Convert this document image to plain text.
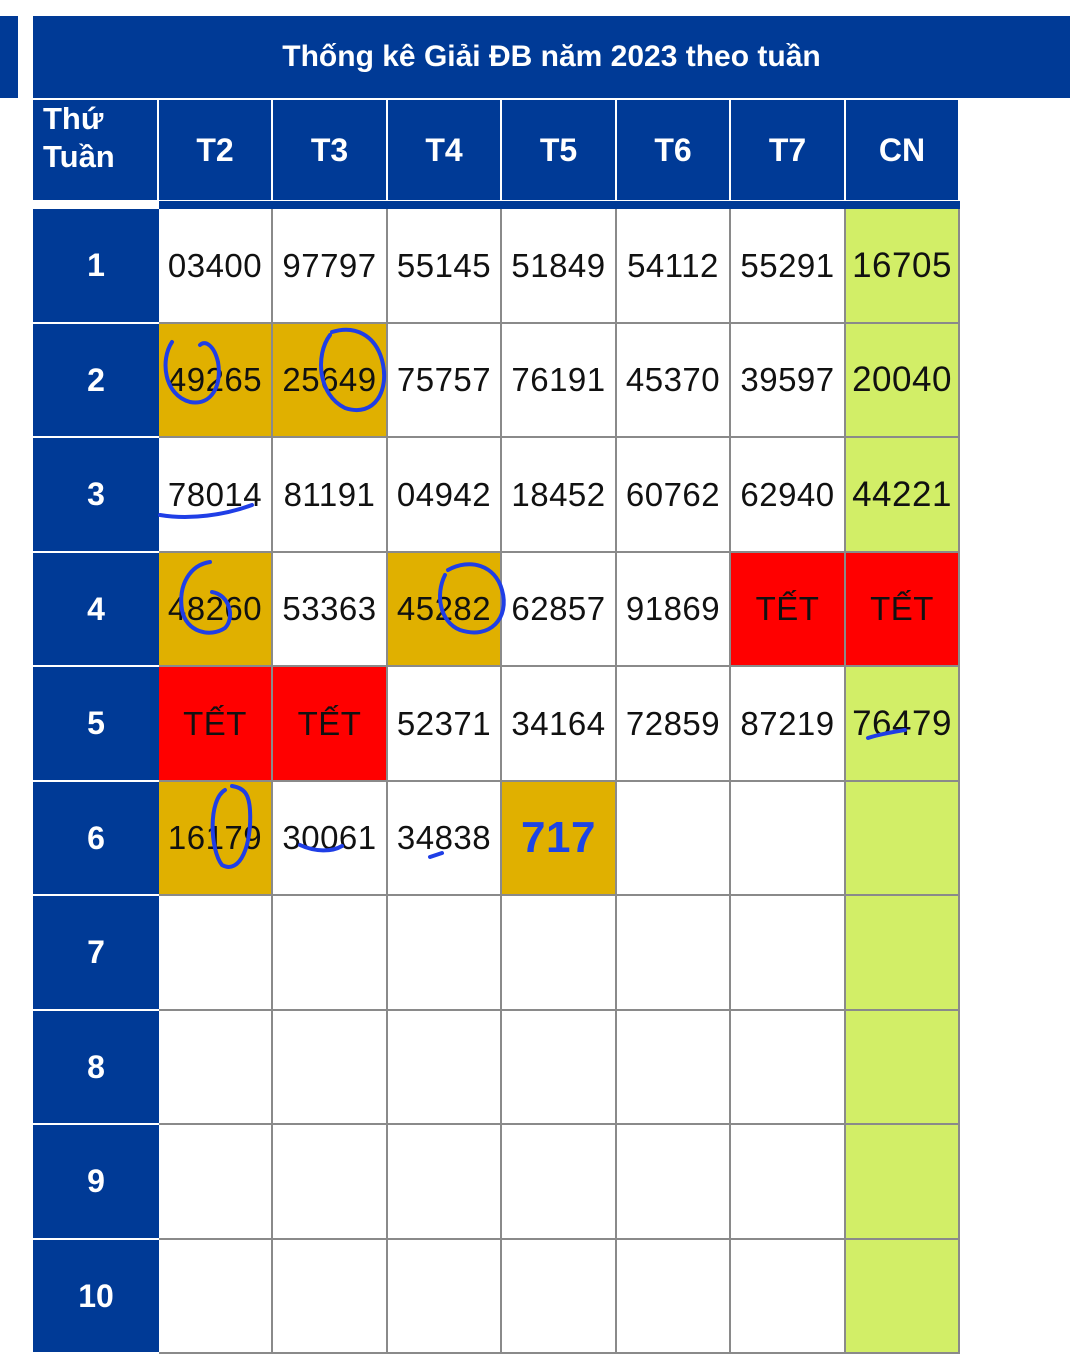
Thống kê Giải ĐB năm 2023 theo tuần
Thứ
Tuần	T2	T3	T4	T5	T6	T7	CN
1	03400 97797 55145 51849 54112 55291 16705
2	49265 25649 75757 76191 45370 39597 20040
3	78014 81191 04942 18452 60762 62940 44221
4	48260 53363 45282 62857 91869	TẾT	TẾT
5	TẾT	TẾT	52371 34164 72859 87219 76479
6	16179 30061 34838 717
7
8
9
10
